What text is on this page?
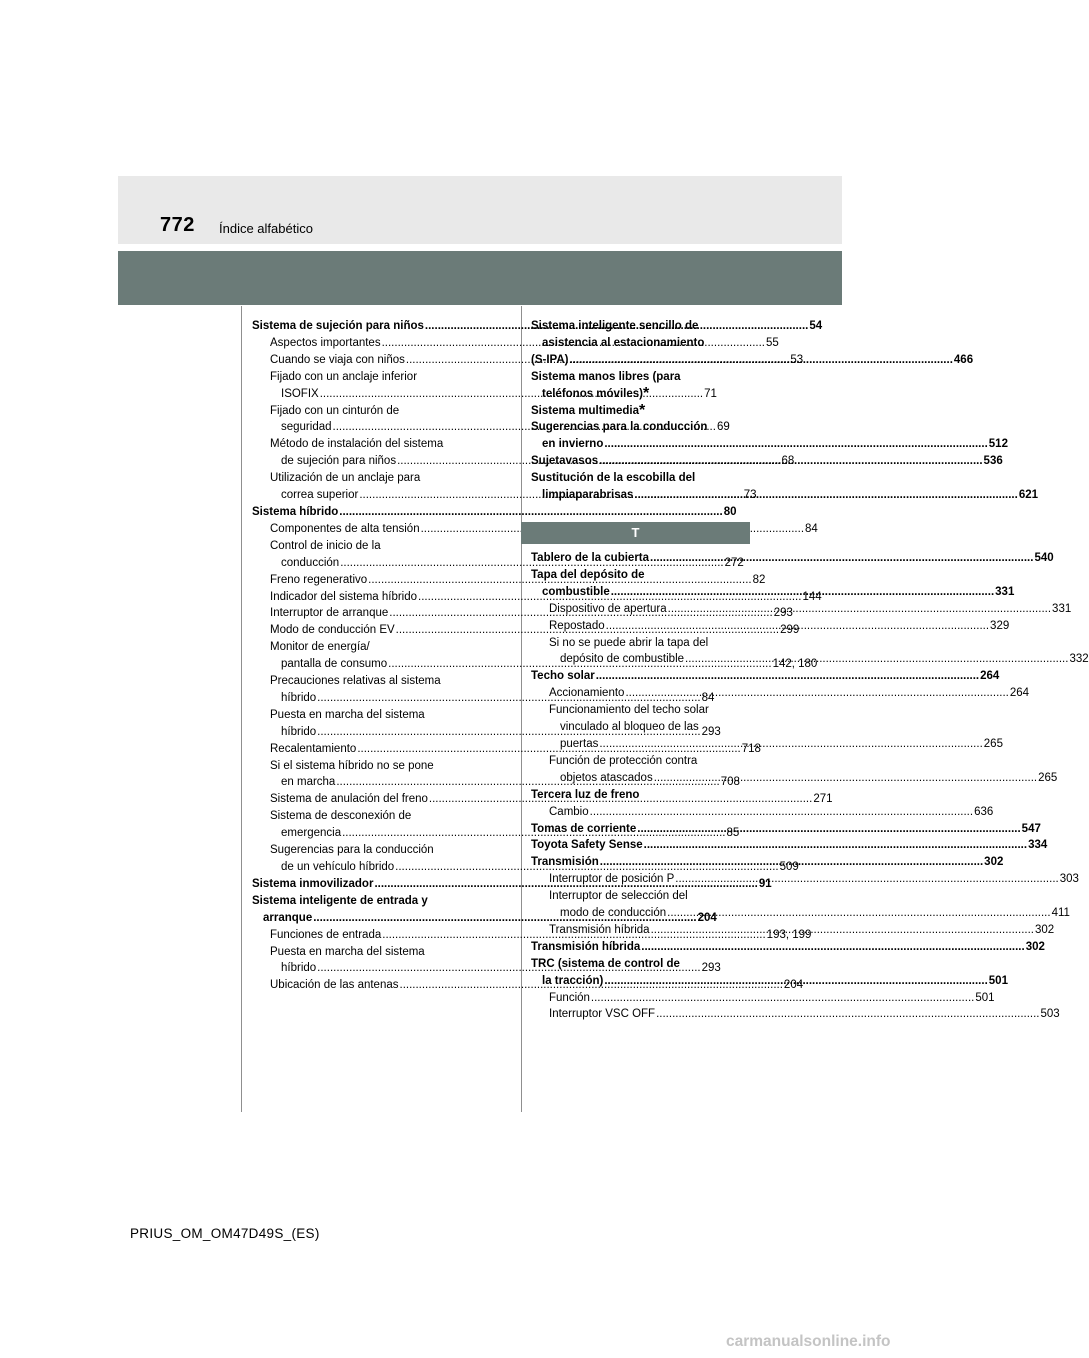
772 Índice alfabético
Sistema de sujeción para niños .....	54
Aspectos importantes .....	55
Cuando se viaja con niños .....	53
Fijado con un anclaje inferior
ISOFIX .....	71
Fijado con un cinturón de
seguridad .....	69
Método de instalación del sistema
de sujeción para niños .....	68
Utilización de un anclaje para
correa superior .....	73
Sistema híbrido .....	80
Componentes de alta tensión .....	84
Control de inicio de la
conducción .....	272
Freno regenerativo .....	82
Indicador del sistema híbrido .....	144
Interruptor de arranque .....	293
Modo de conducción EV .....	299
Monitor de energía/
pantalla de consumo .....	142, 180
Precauciones relativas al sistema
híbrido .....	84
Puesta en marcha del sistema
híbrido .....	293
Recalentamiento .....	718
Si el sistema híbrido no se pone
en marcha .....	708
Sistema de anulación del freno .....	271
Sistema de desconexión de
emergencia .....	85
Sugerencias para la conducción
de un vehículo híbrido .....	509
Sistema inmovilizador .....	91
Sistema inteligente de entrada y
arranque .....	204
Funciones de entrada .....	193, 199
Puesta en marcha del sistema
híbrido .....	293
Ubicación de las antenas .....	204
Sistema inteligente sencillo de
asistencia al estacionamiento
(S-IPA) .....	466
Sistema manos libres (para
teléfonos móviles)*
Sistema multimedia*
Sugerencias para la conducción
en invierno .....	512
Sujetavasos .....	536
Sustitución de la escobilla del
limpiaparabrisas .....	621
T
Tablero de la cubierta .....	540
Tapa del depósito de
combustible .....	331
Dispositivo de apertura .....	331
Repostado .....	329
Si no se puede abrir la tapa del
depósito de combustible .....	332
Techo solar .....	264
Accionamiento .....	264
Funcionamiento del techo solar
vinculado al bloqueo de las
puertas .....	265
Función de protección contra
objetos atascados .....	265
Tercera luz de freno
Cambio .....	636
Tomas de corriente .....	547
Toyota Safety Sense .....	334
Transmisión .....	302
Interruptor de posición P .....	303
Interruptor de selección del
modo de conducción .....	411
Transmisión híbrida .....	302
Transmisión híbrida .....	302
TRC (sistema de control de
la tracción) .....	501
Función .....	501
Interruptor VSC OFF .....	503
PRIUS_OM_OM47D49S_(ES)
carmanualsonline.info
